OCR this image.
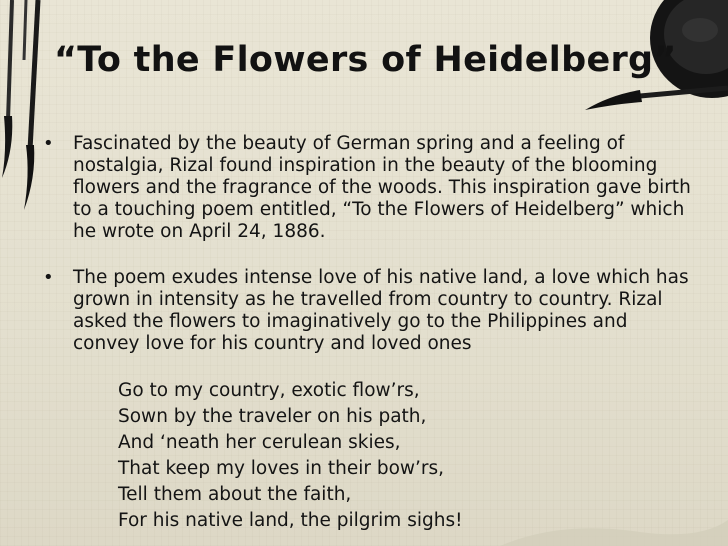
“To the Flowers of Heidelberg”

• Fascinated by the beauty of German spring and a feeling of nostalgia, Rizal found inspiration in the beauty of the blooming flowers and the fragrance of the woods. This inspiration gave birth to a touching poem entitled, “To the Flowers of Heidelberg” which he wrote on April 24, 1886.

• The poem exudes intense love of his native land, a love which has grown in intensity as he travelled from country to country. Rizal asked the flowers to imaginatively go to the Philippines and convey love for his country and loved ones

Go to my country, exotic flow’rs,
Sown by the traveler on his path,
And ‘neath her cerulean skies,
That keep my loves in their bow’rs,
Tell them about the faith,
For his native land, the pilgrim sighs!
